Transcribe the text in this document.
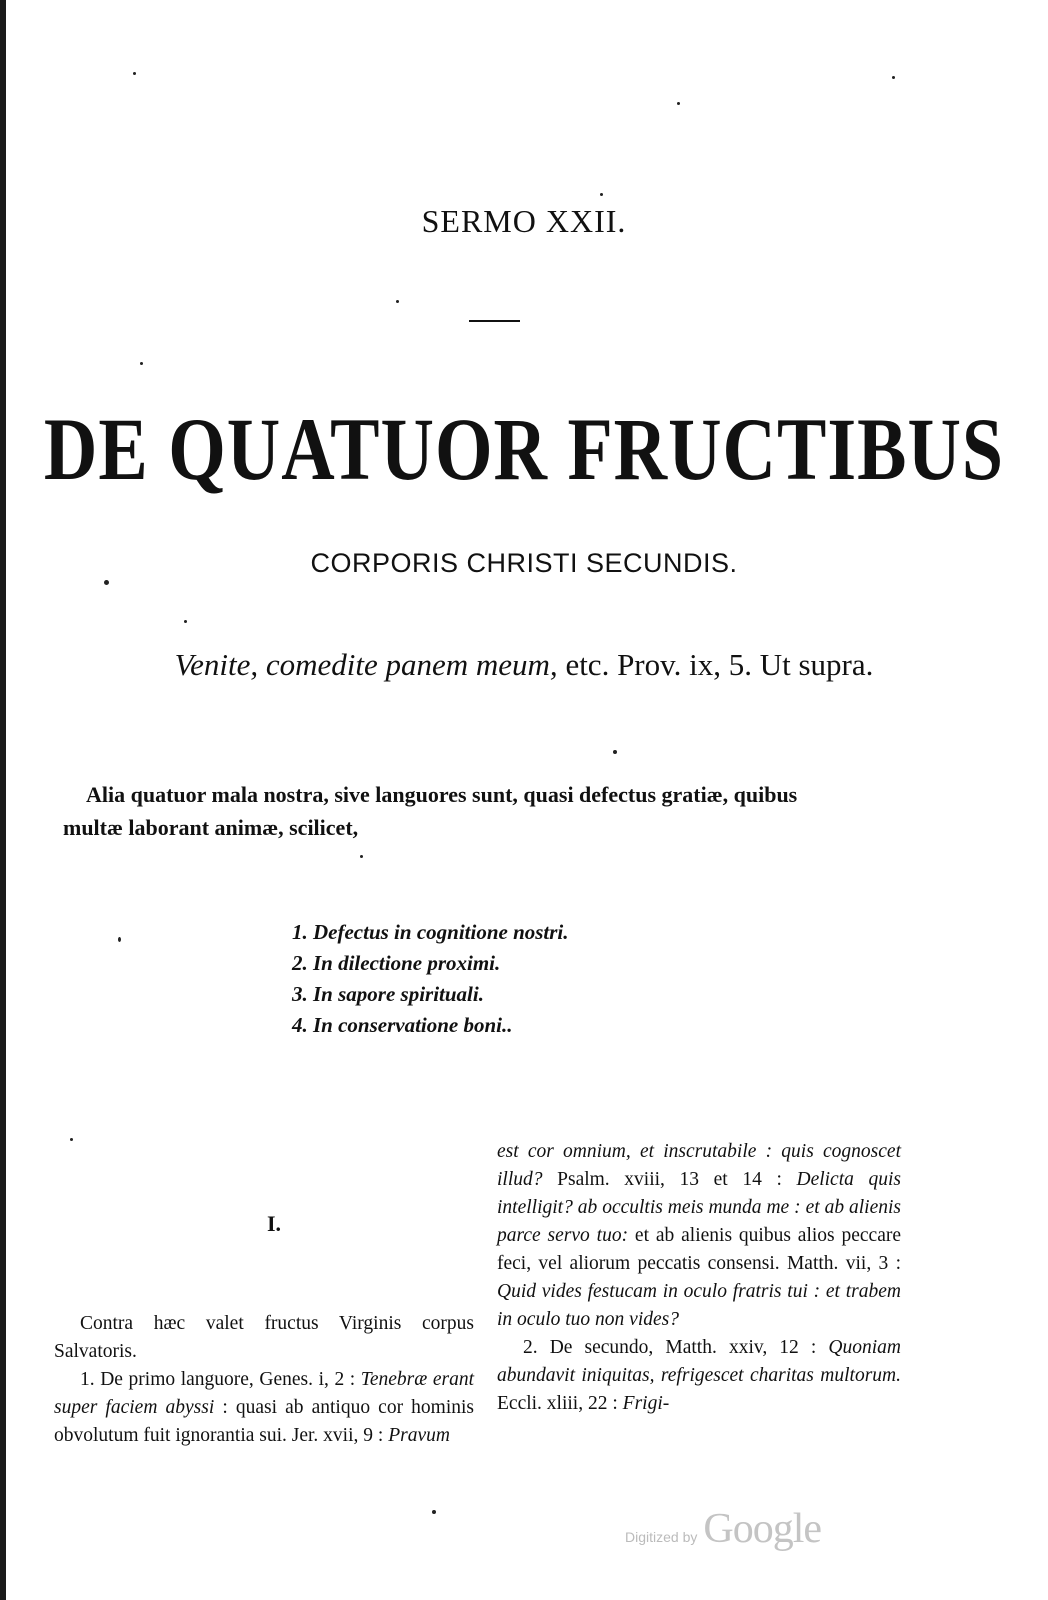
SERMO XXII.
DE QUATUOR FRUCTIBUS
CORPORIS CHRISTI SECUNDIS.
Venite, comedite panem meum, etc. Prov. ix, 5. Ut supra.
Alia quatuor mala nostra, sive languores sunt, quasi defectus gratiæ, quibus
multæ laborant animæ, scilicet,
1. Defectus in cognitione nostri.
2. In dilectione proximi.
3. In sapore spirituali.
4. In conservatione boni..
I.

Contra hæc valet fructus Virginis corpus Salvatoris.

1. De primo languore, Genes. i, 2 : Tenebræ erant super faciem abyssi : quasi ab antiquo cor hominis obvolutum fuit ignorantia sui. Jer. xvii, 9 : Pravum

est cor omnium, et inscrutabile : quis cognoscet illud? Psalm. xviii, 13 et 14 : Delicta quis intelligit? ab occultis meis munda me : et ab alienis parce servo tuo: et ab alienis quibus alios peccare feci, vel aliorum peccatis consensi. Matth. vii, 3 : Quid vides festucam in oculo fratris tui : et trabem in oculo tuo non vides?

2. De secundo, Matth. xxiv, 12 : Quoniam abundavit iniquitas, refrigescet charitas multorum. Eccli. xliii, 22 : Frigi-

Digitized by Google
